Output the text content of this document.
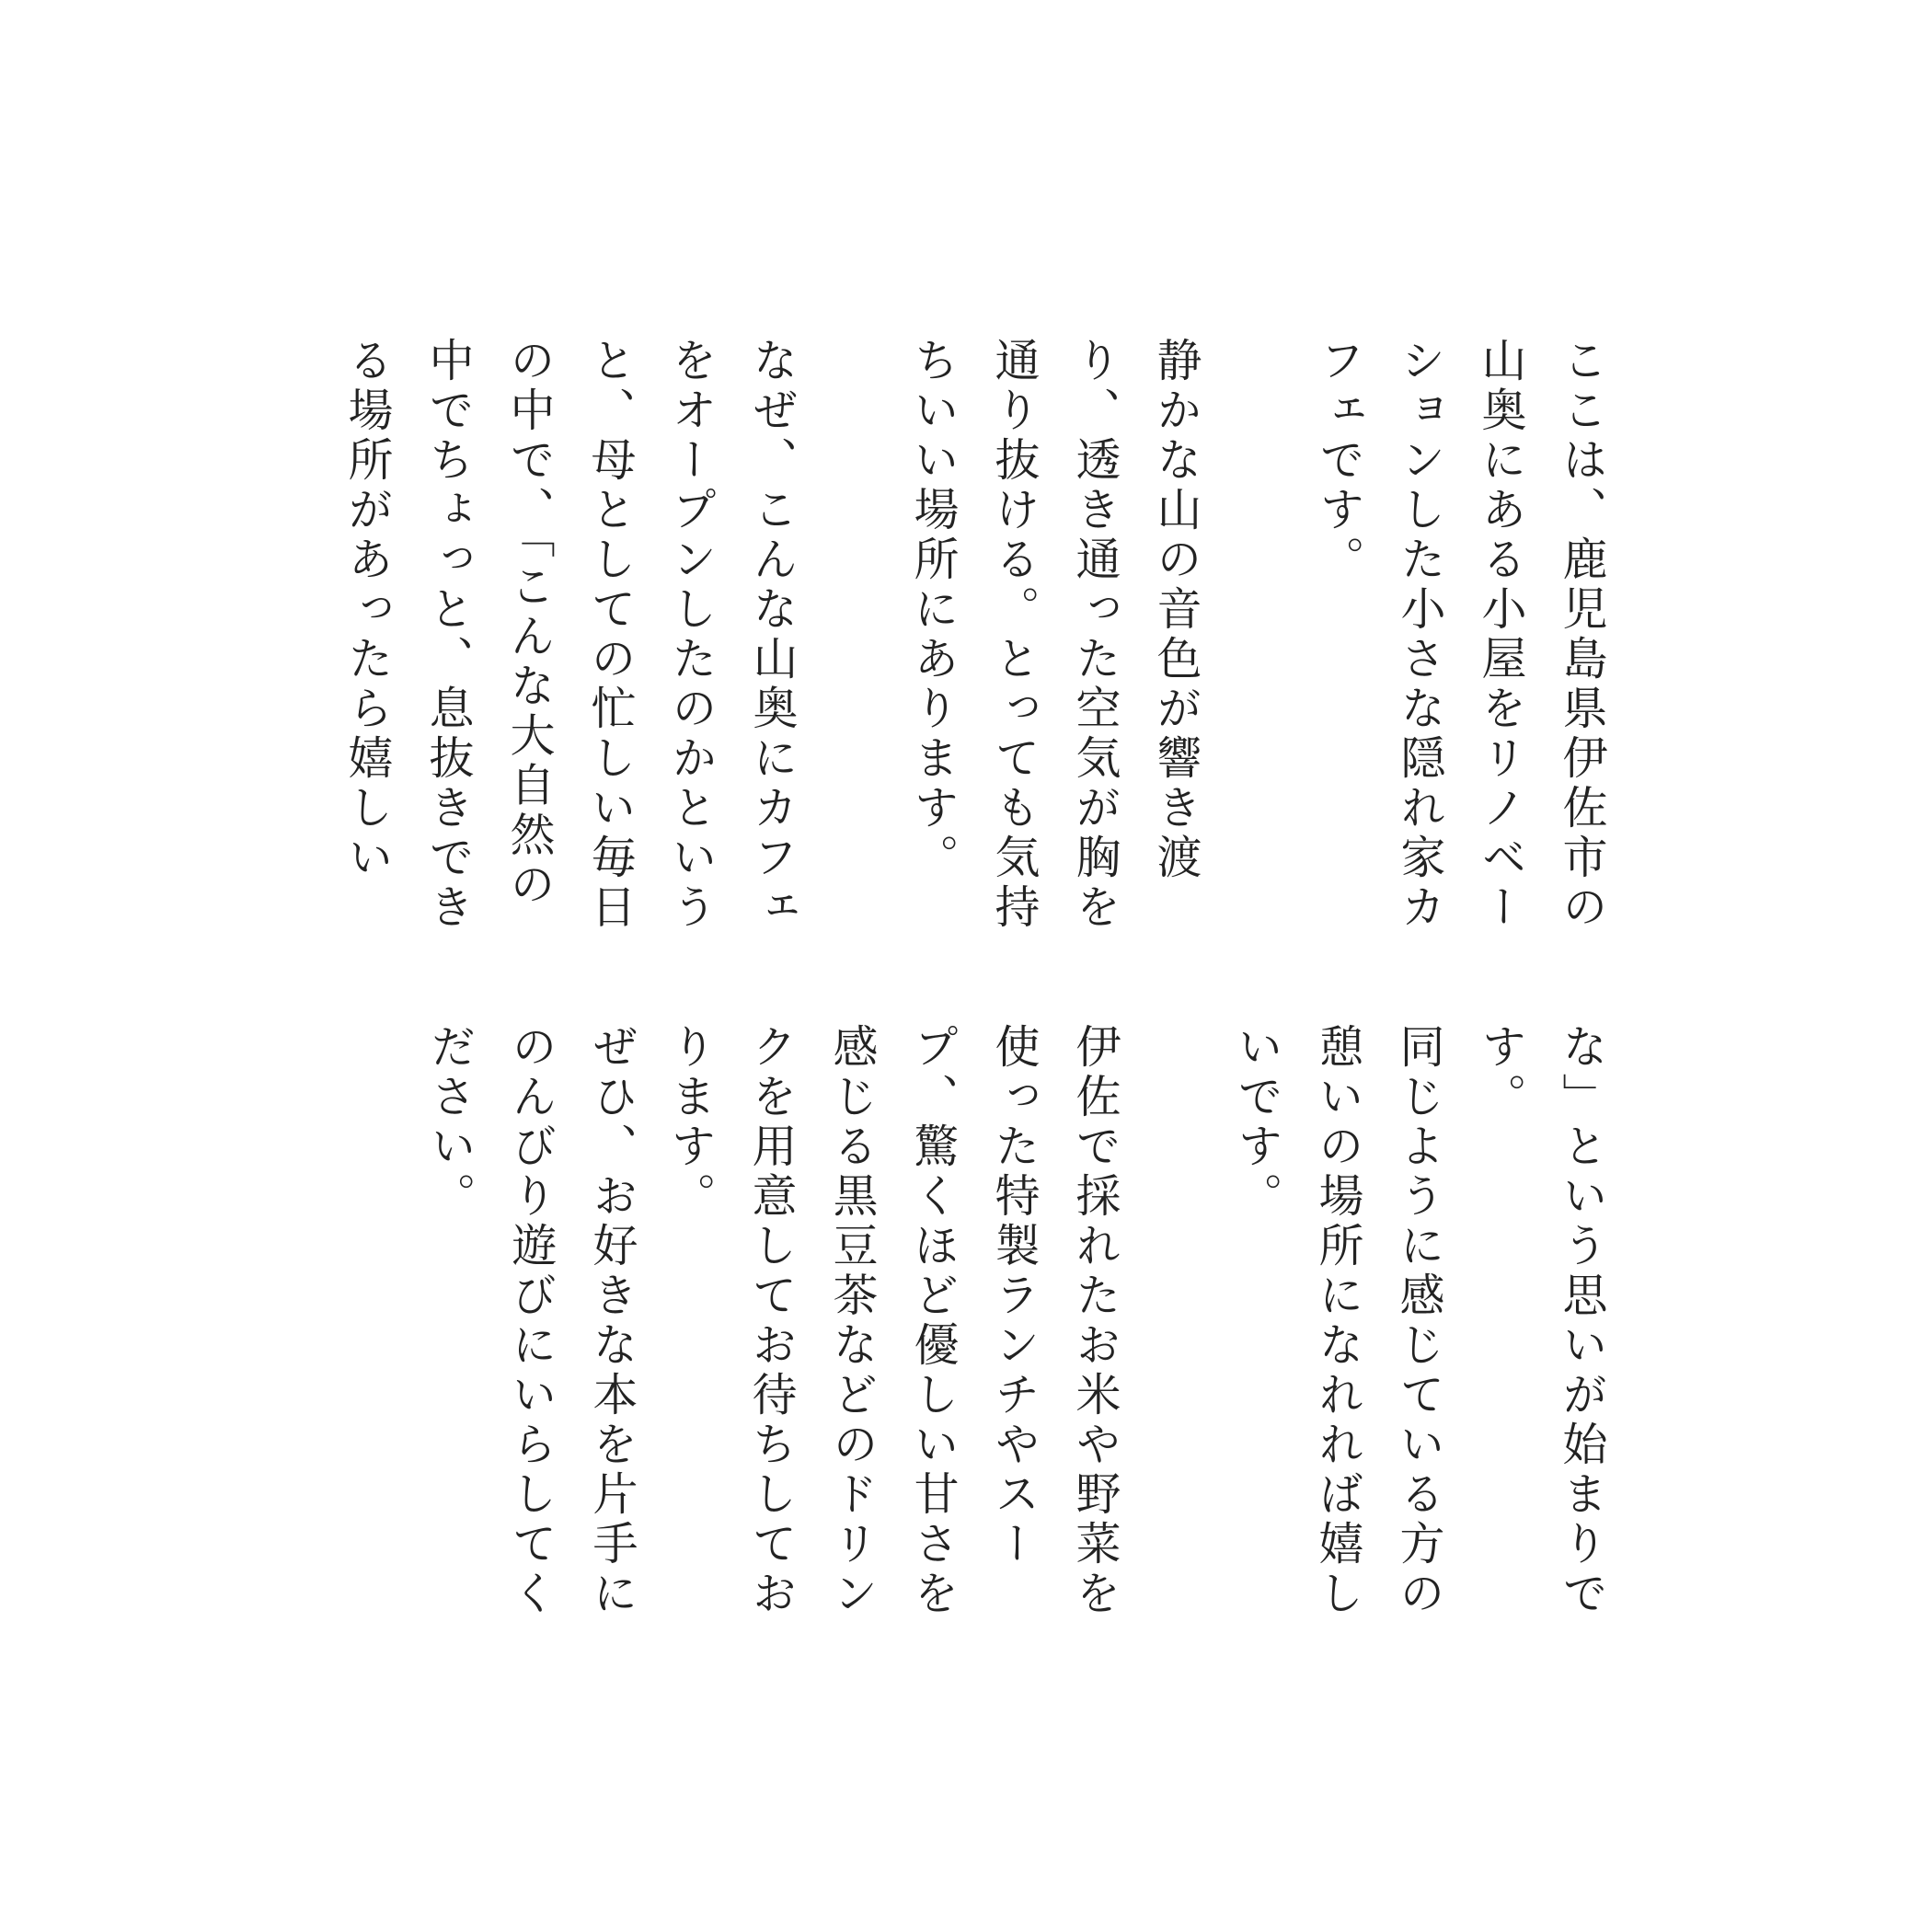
ここは、鹿児島県伊佐市の
山奥にある小屋をリノベー
ションした小さな隠れ家カ
フェです。

静かな山の音色が響き渡
り、透き通った空気が胸を
通り抜ける。とっても気持
ちいい場所にあります。

なぜ、こんな山奥にカフェ
をオープンしたのかという
と、母としての忙しい毎日
の中で、「こんな大自然の
中でちょっと、息抜きでき
る場所があったら嬉しい

な」という思いが始まりで
す。

同じように感じている方の
憩いの場所になれれば嬉し
いです。

伊佐で採れたお米や野菜を
使った特製ランチやスー
プ、驚くほど優しい甘さを
感じる黒豆茶などのドリン
クを用意してお待ちしてお
ります。

ぜひ、お好きな本を片手に
のんびり遊びにいらしてく
ださい。
